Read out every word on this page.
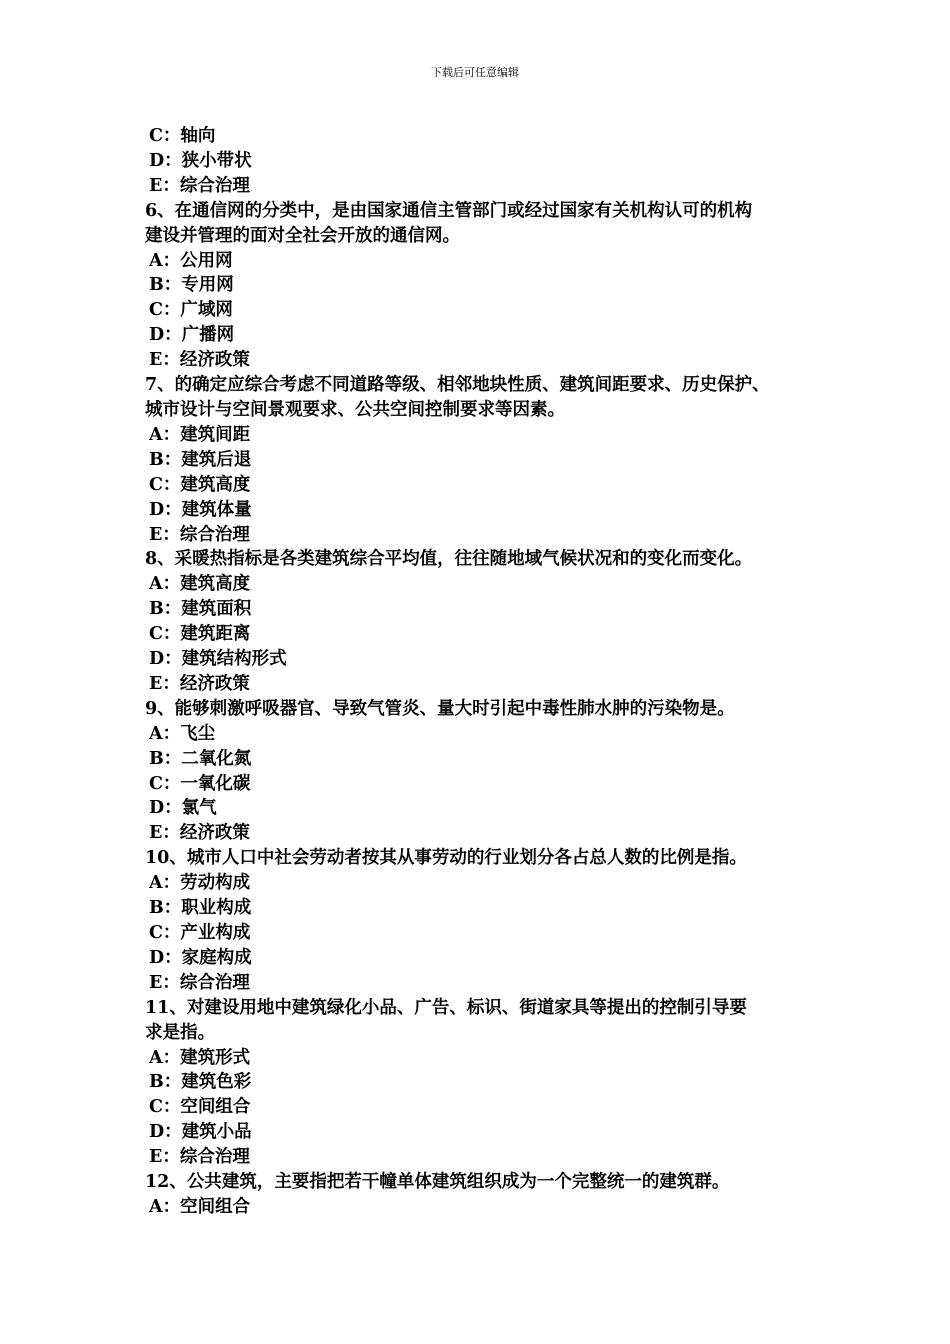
下载后可任意编辑
C：轴向
D：狭小带状
E：综合治理
6、在通信网的分类中，是由国家通信主管部门或经过国家有关机构认可的机构
建设并管理的面对全社会开放的通信网。
A：公用网
B：专用网
C：广域网
D：广播网
E：经济政策
7、的确定应综合考虑不同道路等级、相邻地块性质、建筑间距要求、历史保护、
城市设计与空间景观要求、公共空间控制要求等因素。
A：建筑间距
B：建筑后退
C：建筑高度
D：建筑体量
E：综合治理
8、采暖热指标是各类建筑综合平均值，往往随地域气候状况和的变化而变化。
A：建筑高度
B：建筑面积
C：建筑距离
D：建筑结构形式
E：经济政策
9、能够刺激呼吸器官、导致气管炎、量大时引起中毒性肺水肿的污染物是。
A：飞尘
B：二氧化氮
C：一氧化碳
D：氯气
E：经济政策
10、城市人口中社会劳动者按其从事劳动的行业划分各占总人数的比例是指。
A：劳动构成
B：职业构成
C：产业构成
D：家庭构成
E：综合治理
11、对建设用地中建筑绿化小品、广告、标识、街道家具等提出的控制引导要
求是指。
A：建筑形式
B：建筑色彩
C：空间组合
D：建筑小品
E：综合治理
12、公共建筑，主要指把若干幢单体建筑组织成为一个完整统一的建筑群。
A：空间组合
